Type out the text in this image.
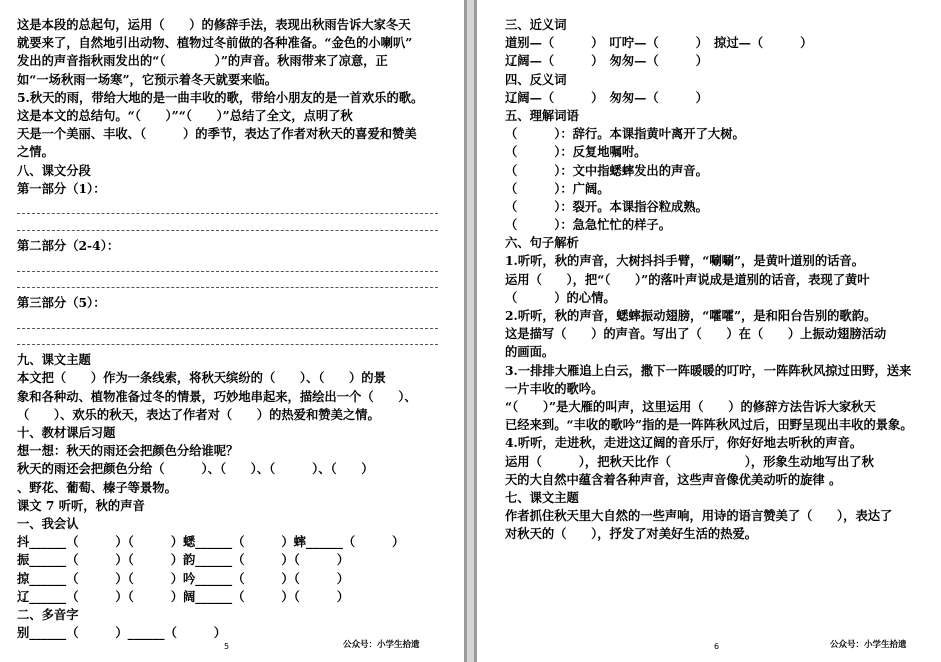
这是本段的总起句，运用（　　）的修辞手法，表现出秋雨告诉大家冬天
就要来了，自然地引出动物、植物过冬前做的各种准备。“金色的小喇叭”
发出的声音指秋雨发出的“（　　　　）”的声音。秋雨带来了凉意，正
如“一场秋雨一场寒”，它预示着冬天就要来临。
5.秋天的雨，带给大地的是一曲丰收的歌，带给小朋友的是一首欢乐的歌。
这是本文的总结句。“（　　）”“（　　）”总结了全文，点明了秋
天是一个美丽、丰收、（　　　）的季节，表达了作者对秋天的喜爱和赞美
之情。
八、课文分段
第一部分（1）：
第二部分（2-4）：
第三部分（5）：
九、课文主题
本文把（　　）作为一条线索，将秋天缤纷的（　　）、（　　）的景
象和各种动、植物准备过冬的情景，巧妙地串起来，描绘出一个（　　）、
（　　）、欢乐的秋天，表达了作者对（　　）的热爱和赞美之情。
十、教材课后习题
想一想：秋天的雨还会把颜色分给谁呢？
秋天的雨还会把颜色分给（　　　）、（　　）、（　　　）、（　　）
、野花、葡萄、榛子等景物。
课文 7 听听，秋的声音
一、我会认
抖______（　　　）（　　　）蟋______（　　　）蟀______（　　　）
振______（　　　）（　　　）韵______（　　　）（　　　）
掠______（　　　）（　　　）吟______（　　　）（　　　）
辽______（　　　）（　　　）阔______（　　　）（　　　）
二、多音字
别______（　　　）______（　　　）
5	公众号：小学生拾遗
三、近义词
道别—（　　　）　叮咛—（　　　）　掠过—（　　　）
辽阔—（　　　）　匆匆—（　　　）
四、反义词
辽阔—（　　　）　匆匆—（　　　）
五、理解词语
（　　　）：辞行。本课指黄叶离开了大树。
（　　　）：反复地嘱咐。
（　　　）：文中指蟋蟀发出的声音。
（　　　）：广阔。
（　　　）：裂开。本课指谷粒成熟。
（　　　）：急急忙忙的样子。
六、句子解析
1.听听，秋的声音，大树抖抖手臂，“唰唰”，是黄叶道别的话音。
运用（　　），把“（　　）”的落叶声说成是道别的话音，表现了黄叶
（　　　）的心情。
2.听听，秋的声音，蟋蟀振动翅膀，“嚯嚯”，是和阳台告别的歌韵。
这是描写（　　）的声音。写出了（　　）在（　　）上振动翅膀活动
的画面。
3.一排排大雁追上白云，撒下一阵暖暖的叮咛，一阵阵秋风掠过田野，送来
一片丰收的歌吟。
“（　　）”是大雁的叫声，这里运用（　　）的修辞方法告诉大家秋天
已经来到。“丰收的歌吟”指的是一阵阵秋风过后，田野呈现出丰收的景象。
4.听听，走进秋，走进这辽阔的音乐厅，你好好地去听秋的声音。
运用（　　　），把秋天比作（　　　　　　），形象生动地写出了秋
天的大自然中蕴含着各种声音，这些声音像优美动听的旋律 。
七、课文主题
作者抓住秋天里大自然的一些声响，用诗的语言赞美了（　　），表达了
对秋天的（　　），抒发了对美好生活的热爱。
6	公众号：小学生拾遗
